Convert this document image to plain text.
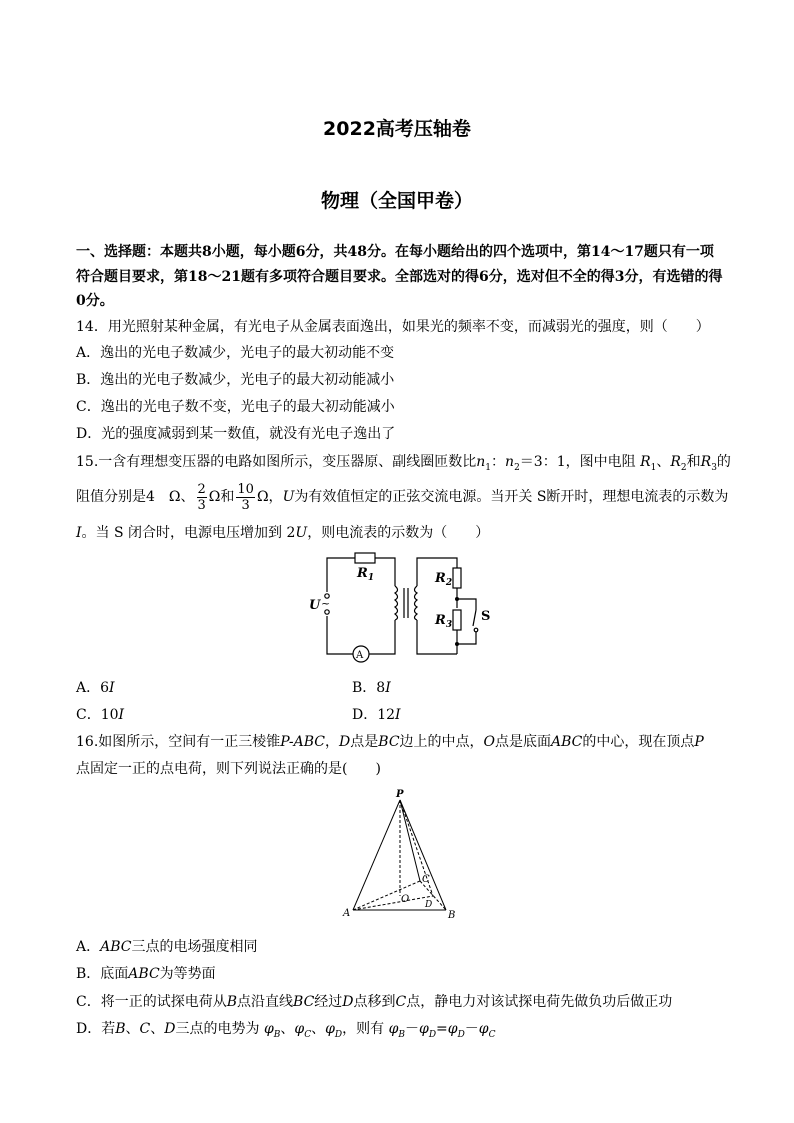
2022高考压轴卷
物理（全国甲卷）
一、选择题：本题共8小题，每小题6分，共48分。在每小题给出的四个选项中，第14～17题只有一项
符合题目要求，第18～21题有多项符合题目要求。全部选对的得6分，选对但不全的得3分，有选错的得
0分。
14．用光照射某种金属，有光电子从金属表面逸出，如果光的频率不变，而减弱光的强度，则（　　）
A．逸出的光电子数减少，光电子的最大初动能不变
B．逸出的光电子数减少，光电子的最大初动能减小
C．逸出的光电子数不变，光电子的最大初动能减小
D．光的强度减弱到某一数值，就没有光电子逸出了
15.一含有理想变压器的电路如图所示，变压器原、副线圈匝数比$n_1$：$n_2=3$：1，图中电阻 $R_1$、$R_2$和$R_3$的
阻值分别是4　Ω、 $\frac{2}{3}$ Ω和 $\frac{10}{3}$ Ω，U为有效值恒定的正弦交流电源。当开关 S断开时，理想电流表的示数为
I。当 S 闭合时，电源电压增加到 2U，则电流表的示数为（　　）
$R_1$	$R_2$
$R_3$
U ~
S
A
A．6I	B．8I
C．10I	D．12I
16.如图所示，空间有一正三棱锥P-ABC，D点是BC边上的中点，O点是底面ABC的中心，现在顶点P
点固定一正的点电荷，则下列说法正确的是(　　)
P
A	B
C
O D
A．ABC三点的电场强度相同
B．底面ABC为等势面
C．将一正的试探电荷从B点沿直线BC经过D点移到C点，静电力对该试探电荷先做负功后做正功
D．若B、C、D三点的电势为 $\varphi_B$、$\varphi_C$、$\varphi_D$，则有 $\varphi_B-\varphi_D=\varphi_D-\varphi_C$
